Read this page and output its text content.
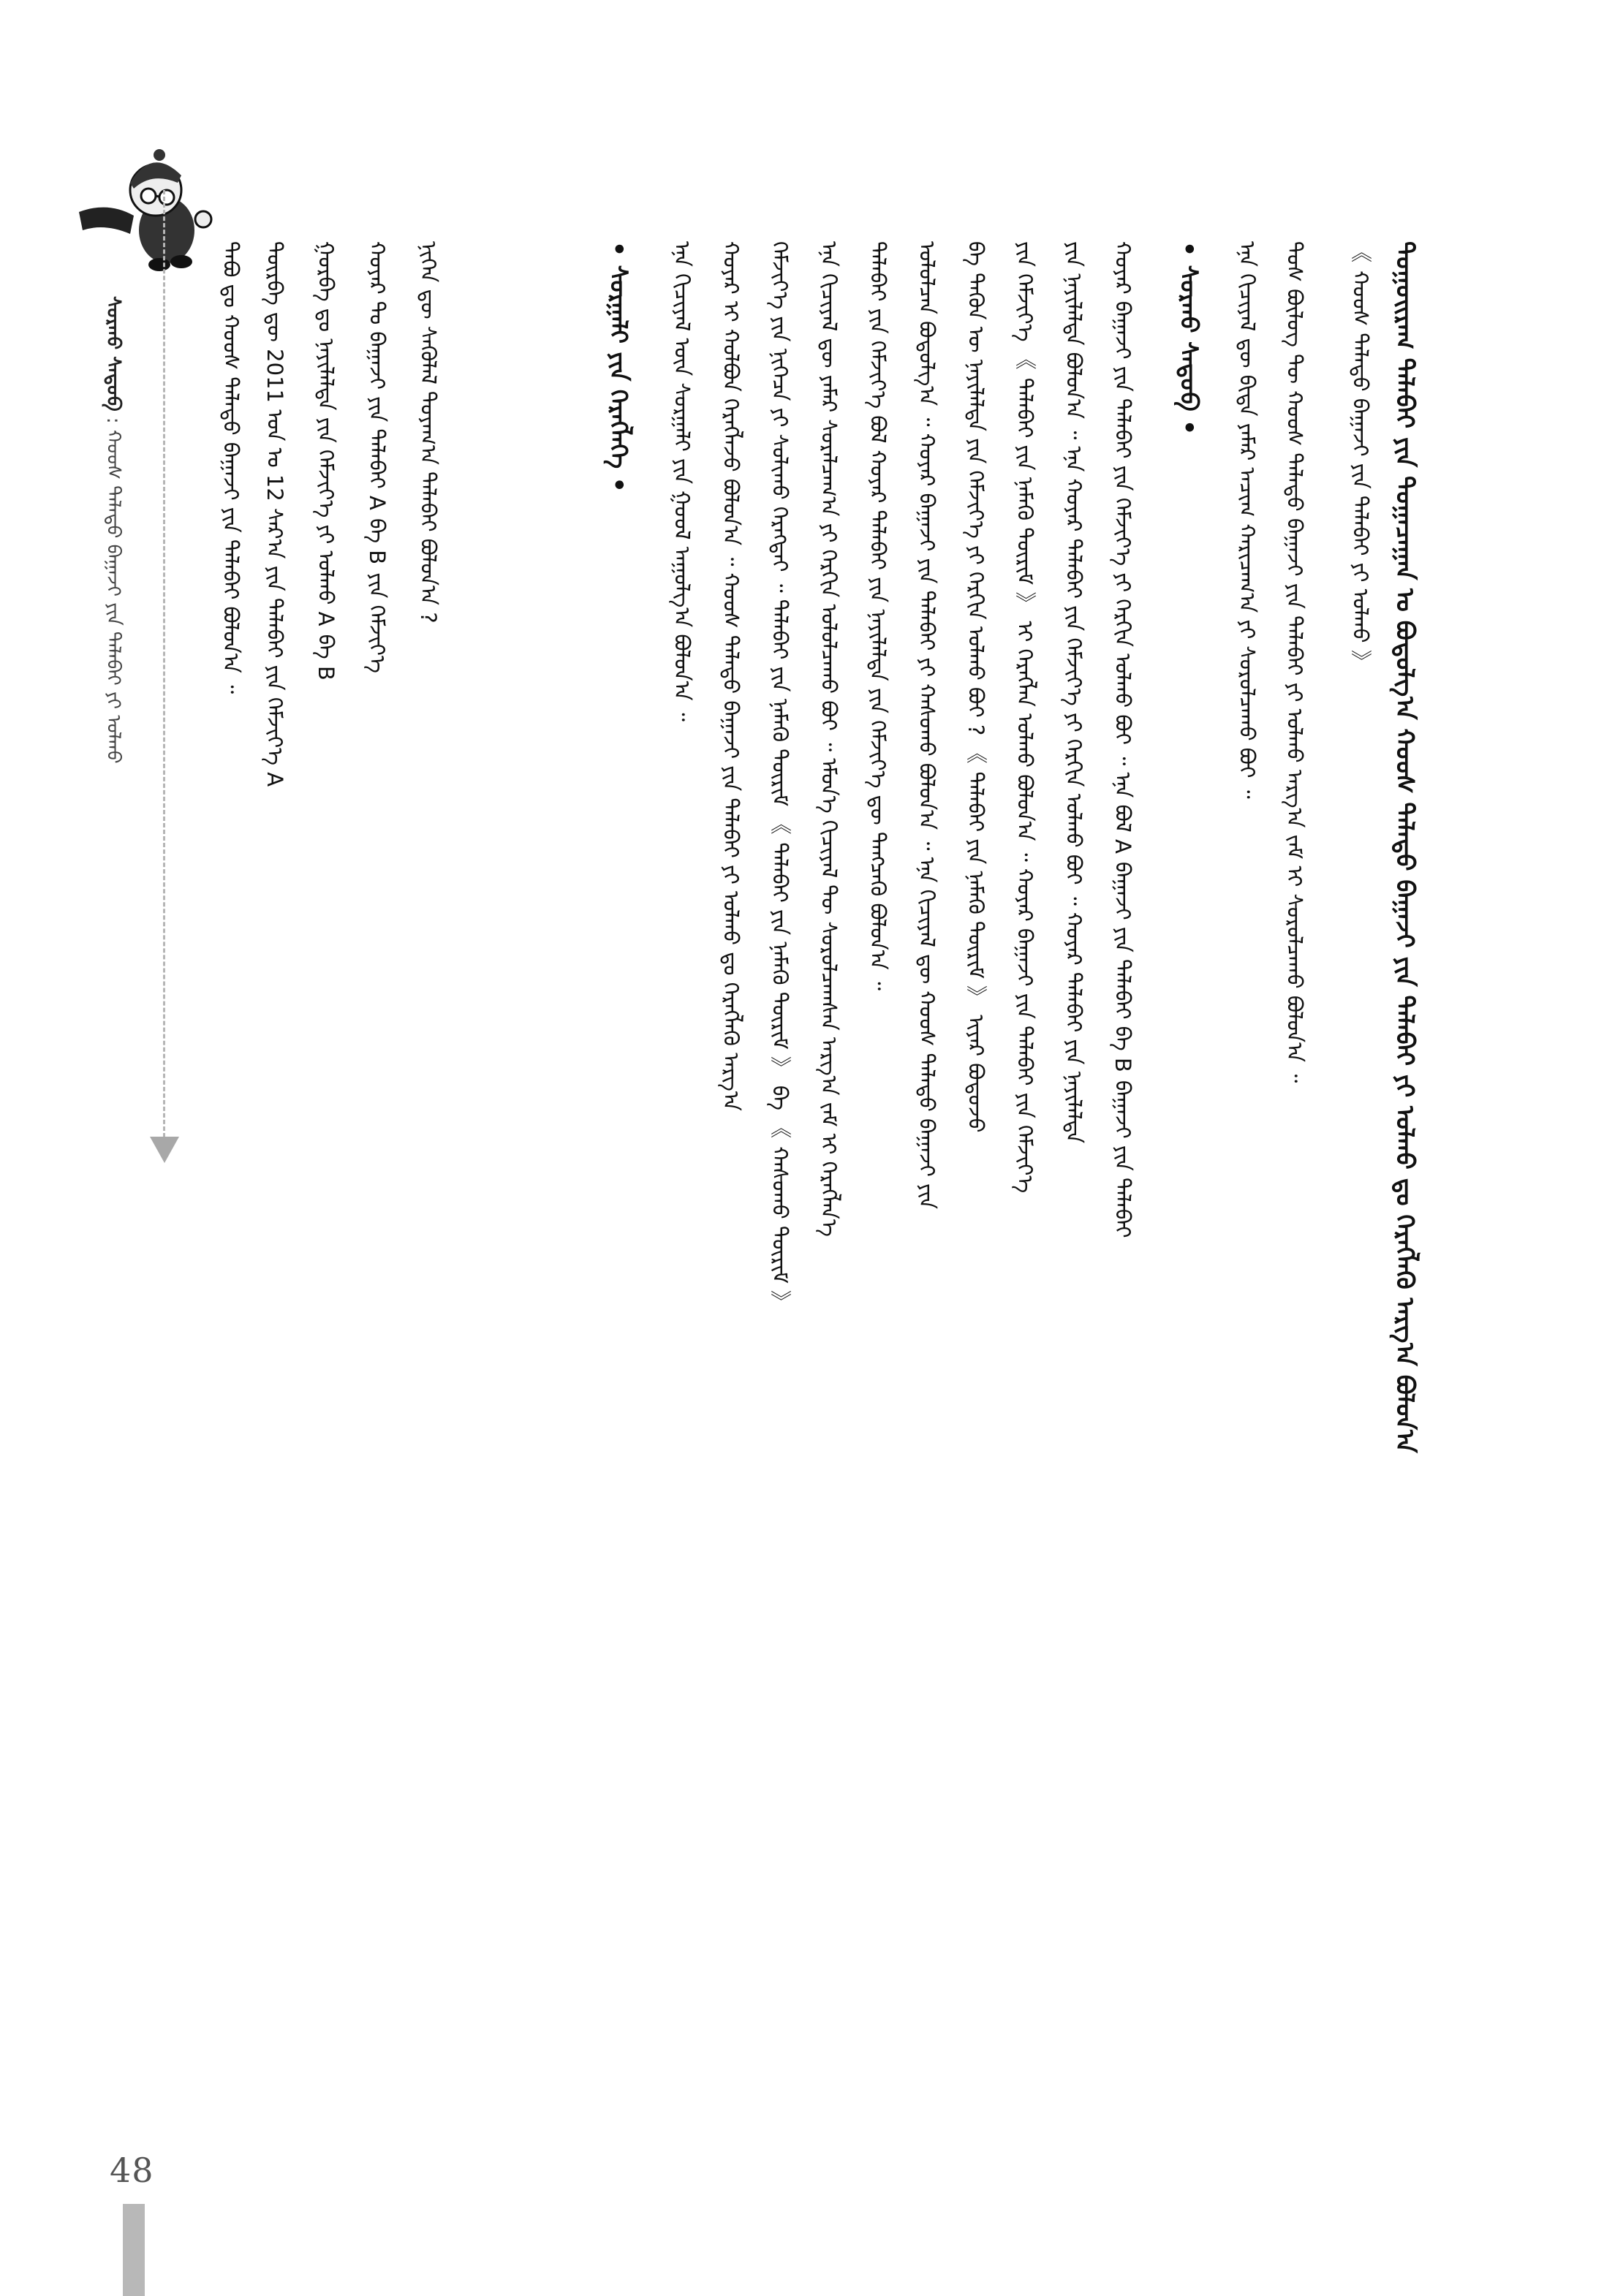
ᠰᠤᠷᠬᠤ ᠰᠡᠳᠦᠪ : ᠬᠣᠣᠰ ᠲᠠᠯᠠᠲᠤ ᠪᠠᠭᠠᠵᠢ ᠶᠢᠨ ᠲᠠᠯᠠᠪᠠᠢ ᠶᠢ ᠣᠯᠬᠤ	ᠳᠤᠭᠤᠢᠷᠠᠭ ᠲᠠᠯᠠᠪᠠᠢ ᠶᠢᠨ ᠲᠣᠭᠠᠴᠠᠭᠠᠨ ᠤ ᠪᠣᠳᠣᠯᠭ᠎ᠠ ᠬᠣᠣᠰ ᠲᠠᠯᠠᠲᠤ ᠪᠠᠭᠠᠵᠢ ᠶᠢᠨ ᠲᠠᠯᠠᠪᠠᠢ ᠶᠢ ᠣᠯᠬᠤ ᠳᠤ ᠬᠡᠷᠡᠭᠯᠡᠬᠦ ᠠᠷᠭ᠎ᠠ ᠪᠣᠯᠤᠨ᠎ᠠ
《 ᠬᠣᠣᠰ ᠲᠠᠯᠠᠲᠤ ᠪᠠᠭᠠᠵᠢ ᠶᠢᠨ ᠲᠠᠯᠠᠪᠠᠢ ᠶᠢ ᠣᠯᠬᠤ 》
ᠲᠤᠰ ᠪᠦᠯᠦᠭ ᠲᠦ ᠬᠣᠣᠰ ᠲᠠᠯᠠᠲᠤ ᠪᠠᠭᠠᠵᠢ ᠶᠢᠨ ᠲᠠᠯᠠᠪᠠᠢ ᠶᠢ ᠣᠯᠬᠤ ᠠᠷᠭ᠎ᠠ ᠵᠠᠮ ᠢ ᠰᠤᠷᠤᠯᠴᠠᠬᠤ ᠪᠣᠯᠤᠨ᠎ᠠ ᠃
ᠡᠨᠡ ᠬᠢᠴᠢᠶᠡᠯ ᠳᠦ ᠪᠢᠳᠡ ᠶᠠᠮᠠᠷ ᠠᠴᠢᠭ ᠬᠠᠷᠢᠴᠠᠭ᠎ᠠ ᠶᠢ ᠰᠤᠷᠤᠯᠴᠠᠬᠤ ᠪᠤᠢ ᠃
• ᠰᠤᠷᠬᠤ ᠰᠡᠳᠦᠪ •
ᠬᠣᠶᠠᠷ ᠪᠠᠭᠠᠵᠢ ᠶᠢᠨ ᠲᠠᠯᠠᠪᠠᠢ ᠶᠢᠨ ᠬᠡᠮᠵᠢᠶ᠎ᠡ ᠶᠢ ᠬᠡᠷᠬᠢᠨ ᠣᠯᠬᠤ ᠪᠣᠢ ᠃ ᠡᠨᠡ ᠪᠣᠯ A ᠪᠠᠭᠠᠵᠢ ᠶᠢᠨ ᠲᠠᠯᠠᠪᠠᠢ ᠪᠠ B ᠪᠠᠭᠠᠵᠢ ᠶᠢᠨ ᠲᠠᠯᠠᠪᠠᠢ
ᠶᠢᠨ ᠨᠡᠶᠢᠯᠡᠯᠲᠡ ᠪᠣᠯᠣᠨ᠎ᠠ ᠃ ᠡᠨᠡ ᠬᠣᠶᠠᠷ ᠲᠠᠯᠠᠪᠠᠢ ᠶᠢᠨ ᠬᠡᠮᠵᠢᠶ᠎ᠡ ᠶᠢ ᠬᠡᠷᠬᠢᠨ ᠣᠯᠬᠤ ᠪᠣᠢ ᠃ ᠬᠣᠶᠠᠷ ᠲᠠᠯᠠᠪᠠᠢ ᠶᠢᠨ ᠨᠡᠶᠢᠯᠡᠯᠲᠡ
ᠶᠢᠨ ᠬᠡᠮᠵᠢᠶ᠎ᠡ 《 ᠲᠠᠯᠠᠪᠠᠢ ᠶᠢᠨ ᠨᠡᠮᠡᠬᠦ ᠳᠦᠷᠢᠮ 》 ᠢ ᠬᠡᠷᠡᠭᠯᠡᠨ ᠣᠯᠬᠤ ᠪᠣᠯᠤᠨ᠎ᠠ ᠃ ᠬᠣᠶᠠᠷ ᠪᠠᠭᠠᠵᠢ ᠶᠢᠨ ᠲᠠᠯᠠᠪᠠᠢ ᠶᠢᠨ ᠬᠡᠮᠵᠢᠶ᠎ᠡ
ᠪᠠ ᠲᠡᠭᠦᠨ ᠦ ᠨᠡᠶᠢᠯᠡᠯᠲᠡ ᠶᠢᠨ ᠬᠡᠮᠵᠢᠶ᠎ᠡ ᠶᠢ ᠬᠡᠷᠬᠢᠨ ᠣᠯᠬᠤ ᠪᠣᠢ ? 《 ᠲᠠᠯᠠᠪᠠᠢ ᠶᠢᠨ ᠨᠡᠮᠡᠬᠦ ᠳᠦᠷᠢᠮ 》 ᠢᠶᠡᠷ ᠪᠣᠳᠣᠵᠤ
ᠣᠯᠤᠯᠴᠠᠨ ᠪᠣᠳᠣᠯᠭ᠎ᠠ ᠃ ᠬᠣᠶᠠᠷ ᠪᠠᠭᠠᠵᠢ ᠶᠢᠨ ᠲᠠᠯᠠᠪᠠᠢ ᠶᠢ ᠬᠠᠰᠤᠬᠤ ᠪᠣᠯᠤᠨ᠎ᠠ ᠃ ᠡᠨᠡ ᠬᠢᠴᠢᠶᠡᠯ ᠳᠦ ᠬᠣᠣᠰ ᠲᠠᠯᠠᠲᠤ ᠪᠠᠭᠠᠵᠢ ᠶᠢᠨ
ᠲᠠᠯᠠᠪᠠᠢ ᠶᠢᠨ ᠬᠡᠮᠵᠢᠶ᠎ᠡ ᠪᠣᠯ ᠬᠣᠶᠠᠷ ᠲᠠᠯᠠᠪᠠᠢ ᠶᠢᠨ ᠨᠡᠶᠢᠯᠡᠯᠲᠡ ᠶᠢᠨ ᠬᠡᠮᠵᠢᠶ᠎ᠡ ᠳᠦ ᠲᠡᠩᠴᠡᠬᠦ ᠪᠣᠯᠤᠨ᠎ᠠ ᠃
ᠡᠨᠡ ᠬᠢᠴᠢᠶᠡᠯ ᠳᠦ ᠶᠠᠮᠠᠷ ᠰᠤᠷᠠᠯᠴᠠᠭ᠎ᠠ ᠶᠢ ᠬᠡᠷᠬᠢᠨ ᠣᠯᠤᠯᠴᠠᠬᠤ ᠪᠣᠢ ᠃ ᠡᠮᠦᠨ᠎ᠡ ᠬᠢᠴᠢᠶᠡᠯ ᠲᠦ ᠰᠤᠷᠤᠯᠴᠠᠭᠰᠠᠨ ᠠᠷᠭ᠎ᠠ ᠵᠠᠮ ᠢ ᠬᠡᠷᠡᠭᠯᠡᠨ᠎ᠡ
ᠬᠡᠮᠵᠢᠶ᠎ᠡ ᠶᠢᠨ ᠨᠢᠭᠡᠴᠡ ᠶᠢ ᠰᠣᠯᠢᠬᠤ ᠬᠡᠷᠡᠭᠲᠡᠶ ᠃ ᠲᠠᠯᠠᠪᠠᠢ ᠶᠢᠨ ᠨᠡᠮᠡᠬᠦ ᠳᠦᠷᠢᠮ 《 ᠲᠠᠯᠠᠪᠠᠢ ᠶᠢᠨ ᠨᠡᠮᠡᠬᠦ ᠳᠦᠷᠢᠮ 》 ᠪᠠ 《 ᠬᠠᠰᠤᠬᠤ ᠳᠦᠷᠢᠮ 》
ᠬᠣᠶᠠᠷ ᠢ ᠬᠣᠯᠪᠣᠨ ᠬᠡᠷᠡᠭᠯᠡᠵᠦ ᠪᠣᠯᠤᠨ᠎ᠠ ᠃ ᠬᠣᠣᠰ ᠲᠠᠯᠠᠲᠤ ᠪᠠᠭᠠᠵᠢ ᠶᠢᠨ ᠲᠠᠯᠠᠪᠠᠢ ᠶᠢ ᠣᠯᠬᠤ ᠳᠤ ᠬᠡᠷᠡᠭᠯᠡᠬᠦ ᠠᠷᠭ᠎ᠠ
ᠡᠨᠡ ᠬᠢᠴᠢᠶᠡᠯ ᠦᠨ ᠰᠤᠷᠭᠠᠯᠢ ᠶᠢᠨ ᠭᠣᠣᠯ ᠠᠭᠤᠯᠭ᠎ᠠ ᠪᠣᠯᠤᠨ᠎ᠠ ᠃
• ᠰᠤᠷᠭᠠᠯᠢ ᠶᠢᠨ ᠬᠡᠷᠡᠭᠯᠡᠭᠡ •
ᠨᠢᠭᠡᠨ ᠳᠦ ᠰᠡᠬᠦᠯᠡᠯ ᠲᠤᠶᠠᠭ᠎ᠠ ᠲᠠᠯᠠᠪᠠᠢ ᠪᠣᠯᠣᠨ᠎ᠠ ?
ᠬᠣᠶᠠᠷ ᠲᠤ ᠪᠠᠭᠠᠵᠢ ᠶᠢᠨ ᠲᠠᠯᠠᠪᠠᠢ A ᠪᠠ B ᠶᠢᠨ ᠬᠡᠮᠵᠢᠶ᠎ᠡ
ᠭᠤᠷᠪᠠ ᠳᠤ ᠨᠡᠶᠢᠯᠡᠯᠲᠡ ᠶᠢᠨ ᠬᠡᠮᠵᠢᠶ᠎ᠡ ᠶᠢ ᠣᠯᠬᠤ A ᠪᠠ B
ᠳᠥᠷᠪᠡ ᠳᠦ 2011 ᠣᠨ ᠤ 12 ᠰᠠᠷ᠎ᠠ ᠶᠢᠨ ᠲᠠᠯᠠᠪᠠᠢ ᠶᠢᠨ ᠬᠡᠮᠵᠢᠶ᠎ᠡ A
ᠲᠠᠪᠤ ᠳᠤ ᠬᠣᠣᠰ ᠲᠠᠯᠠᠲᠤ ᠪᠠᠭᠠᠵᠢ ᠶᠢᠨ ᠲᠠᠯᠠᠪᠠᠢ ᠪᠣᠯᠣᠨ᠎ᠠ ᠃
48
